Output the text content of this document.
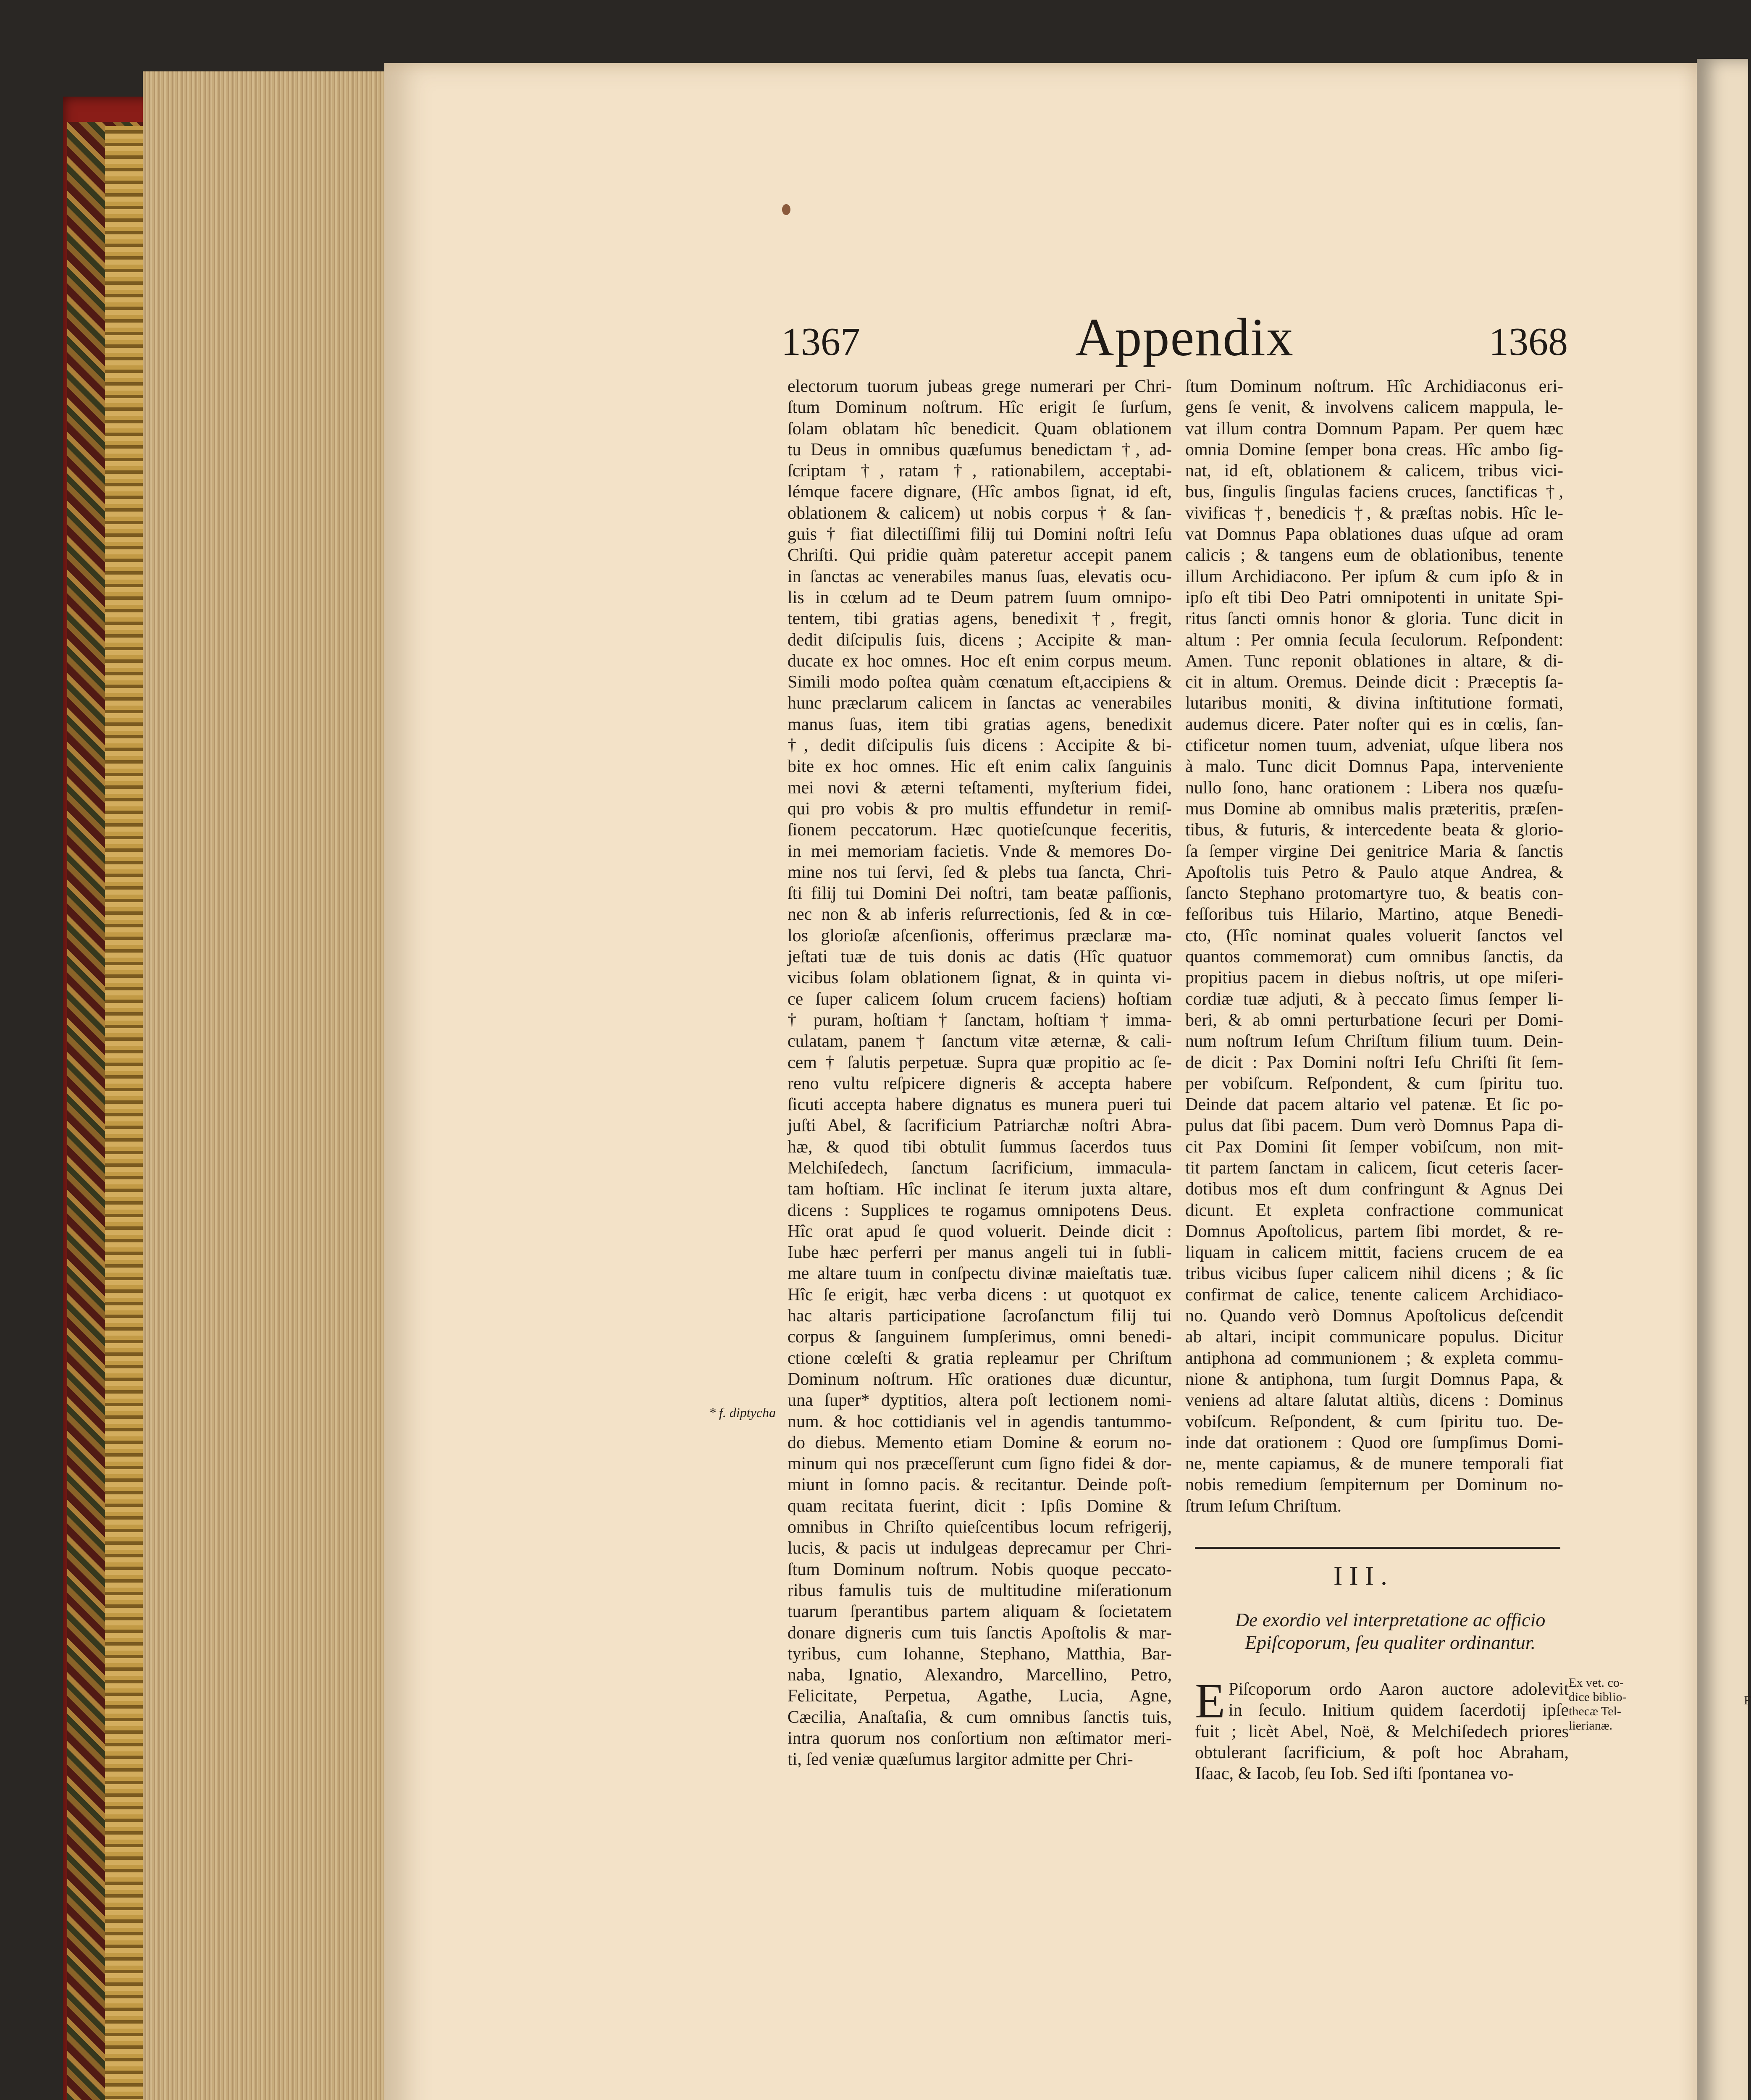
1367	Appendix	1368

electorum tuorum jubeas grege numerari per Chri-

ſtum Dominum noſtrum. Hîc erigit ſe ſurſum,

ſolam oblatam hîc benedicit. Quam oblationem

tu Deus in omnibus quæſumus benedictam †, ad-

ſcriptam †, ratam †, rationabilem, acceptabi-

lémque facere dignare, (Hîc ambos ſignat, id eſt,

oblationem & calicem) ut nobis corpus † & ſan-

guis † fiat dilectiſſimi filij tui Domini noſtri Ieſu

Chriſti. Qui pridie quàm pateretur accepit panem

in ſanctas ac venerabiles manus ſuas, elevatis ocu-

lis in cœlum ad te Deum patrem ſuum omnipo-

tentem, tibi gratias agens, benedixit †, fregit,

dedit diſcipulis ſuis, dicens ; Accipite & man-

ducate ex hoc omnes. Hoc eſt enim corpus meum.

Simili modo poſtea quàm cœnatum eſt,accipiens &

hunc præclarum calicem in ſanctas ac venerabiles

manus ſuas, item tibi gratias agens, benedixit

†, dedit diſcipulis ſuis dicens : Accipite & bi-

bite ex hoc omnes. Hic eſt enim calix ſanguinis

mei novi & æterni teſtamenti, myſterium fidei,

qui pro vobis & pro multis effundetur in remiſ-

ſionem peccatorum. Hæc quotieſcunque feceritis,

in mei memoriam facietis. Vnde & memores Do-

mine nos tui ſervi, ſed & plebs tua ſancta, Chri-

ſti filij tui Domini Dei noſtri, tam beatæ paſſionis,

nec non & ab inferis reſurrectionis, ſed & in cœ-

los glorioſæ aſcenſionis, offerimus præclaræ ma-

jeſtati tuæ de tuis donis ac datis (Hîc quatuor

vicibus ſolam oblationem ſignat, & in quinta vi-

ce ſuper calicem ſolum crucem faciens) hoſtiam

† puram, hoſtiam † ſanctam, hoſtiam † imma-

culatam, panem † ſanctum vitæ æternæ, & cali-

cem † ſalutis perpetuæ. Supra quæ propitio ac ſe-

reno vultu reſpicere digneris & accepta habere

ſicuti accepta habere dignatus es munera pueri tui

juſti Abel, & ſacrificium Patriarchæ noſtri Abra-

hæ, & quod tibi obtulit ſummus ſacerdos tuus

Melchiſedech, ſanctum ſacrificium, immacula-

tam hoſtiam. Hîc inclinat ſe iterum juxta altare,

dicens : Supplices te rogamus omnipotens Deus.

Hîc orat apud ſe quod voluerit. Deinde dicit :

Iube hæc perferri per manus angeli tui in ſubli-

me altare tuum in conſpectu divinæ maieſtatis tuæ.

Hîc ſe erigit, hæc verba dicens : ut quotquot ex

hac altaris participatione ſacroſanctum filij tui

corpus & ſanguinem ſumpſerimus, omni benedi-

ctione cœleſti & gratia repleamur per Chriſtum

Dominum noſtrum. Hîc orationes duæ dicuntur,

una ſuper* dyptitios, altera poſt lectionem nomi-

num. & hoc cottidianis vel in agendis tantummo-

do diebus. Memento etiam Domine & eorum no-

minum qui nos præceſſerunt cum ſigno fidei & dor-

miunt in ſomno pacis. & recitantur. Deinde poſt-

quam recitata fuerint, dicit : Ipſis Domine &

omnibus in Chriſto quieſcentibus locum refrigerij,

lucis, & pacis ut indulgeas deprecamur per Chri-

ſtum Dominum noſtrum. Nobis quoque peccato-

ribus famulis tuis de multitudine miſerationum

tuarum ſperantibus partem aliquam & ſocietatem

donare digneris cum tuis ſanctis Apoſtolis & mar-

tyribus, cum Iohanne, Stephano, Matthia, Bar-

naba, Ignatio, Alexandro, Marcellino, Petro,

Felicitate, Perpetua, Agathe, Lucia, Agne,

Cæcilia, Anaſtaſia, & cum omnibus ſanctis tuis,

intra quorum nos conſortium non æſtimator meri-

ti, ſed veniæ quæſumus largitor admitte per Chri-

ſtum Dominum noſtrum. Hîc Archidiaconus eri-

gens ſe venit, & involvens calicem mappula, le-

vat illum contra Domnum Papam. Per quem hæc

omnia Domine ſemper bona creas. Hîc ambo ſig-

nat, id eſt, oblationem & calicem, tribus vici-

bus, ſingulis ſingulas faciens cruces, ſanctificas †,

vivificas †, benedicis †, & præſtas nobis. Hîc le-

vat Domnus Papa oblationes duas uſque ad oram

calicis ; & tangens eum de oblationibus, tenente

illum Archidiacono. Per ipſum & cum ipſo & in

ipſo eſt tibi Deo Patri omnipotenti in unitate Spi-

ritus ſancti omnis honor & gloria. Tunc dicit in

altum : Per omnia ſecula ſeculorum. Reſpondent:

Amen. Tunc reponit oblationes in altare, & di-

cit in altum. Oremus. Deinde dicit : Præceptis ſa-

lutaribus moniti, & divina inſtitutione formati,

audemus dicere. Pater noſter qui es in cœlis, ſan-

ctificetur nomen tuum, adveniat, uſque libera nos

à malo. Tunc dicit Domnus Papa, interveniente

nullo ſono, hanc orationem : Libera nos quæſu-

mus Domine ab omnibus malis præteritis, præſen-

tibus, & futuris, & intercedente beata & glorio-

ſa ſemper virgine Dei genitrice Maria & ſanctis

Apoſtolis tuis Petro & Paulo atque Andrea, &

ſancto Stephano protomartyre tuo, & beatis con-

feſſoribus tuis Hilario, Martino, atque Benedi-

cto, (Hîc nominat quales voluerit ſanctos vel

quantos commemorat) cum omnibus ſanctis, da

propitius pacem in diebus noſtris, ut ope miſeri-

cordiæ tuæ adjuti, & à peccato ſimus ſemper li-

beri, & ab omni perturbatione ſecuri per Domi-

num noſtrum Ieſum Chriſtum filium tuum. Dein-

de dicit : Pax Domini noſtri Ieſu Chriſti ſit ſem-

per vobiſcum. Reſpondent, & cum ſpiritu tuo.

Deinde dat pacem altario vel patenæ. Et ſic po-

pulus dat ſibi pacem. Dum verò Domnus Papa di-

cit Pax Domini ſit ſemper vobiſcum, non mit-

tit partem ſanctam in calicem, ſicut ceteris ſacer-

dotibus mos eſt dum confringunt & Agnus Dei

dicunt. Et expleta confractione communicat

Domnus Apoſtolicus, partem ſibi mordet, & re-

liquam in calicem mittit, faciens crucem de ea

tribus vicibus ſuper calicem nihil dicens ; & ſic

confirmat de calice, tenente calicem Archidiaco-

no. Quando verò Domnus Apoſtolicus deſcendit

ab altari, incipit communicare populus. Dicitur

antiphona ad communionem ; & expleta commu-

nione & antiphona, tum ſurgit Domnus Papa, &

veniens ad altare ſalutat altiùs, dicens : Dominus

vobiſcum. Reſpondent, & cum ſpiritu tuo. De-

inde dat orationem : Quod ore ſumpſimus Domi-

ne, mente capiamus, & de munere temporali fiat

nobis remedium ſempiternum per Dominum no-

ſtrum Ieſum Chriſtum.

* f. diptycha
III.
De exordio vel interpretatione ac officio
Epiſcoporum, ſeu qualiter ordinantur.
E Piſcoporum ordo Aaron auctore adolevit

in ſeculo. Initium quidem ſacerdotij ipſe

fuit ; licèt Abel, Noë, & Melchiſedech priores

obtulerant ſacrificium, & poſt hoc Abraham,

Iſaac, & Iacob, ſeu Iob. Sed iſti ſpontanea vo-

Ex vet. co-
dice biblio-
thecæ Tel-
lierianæ.
F
